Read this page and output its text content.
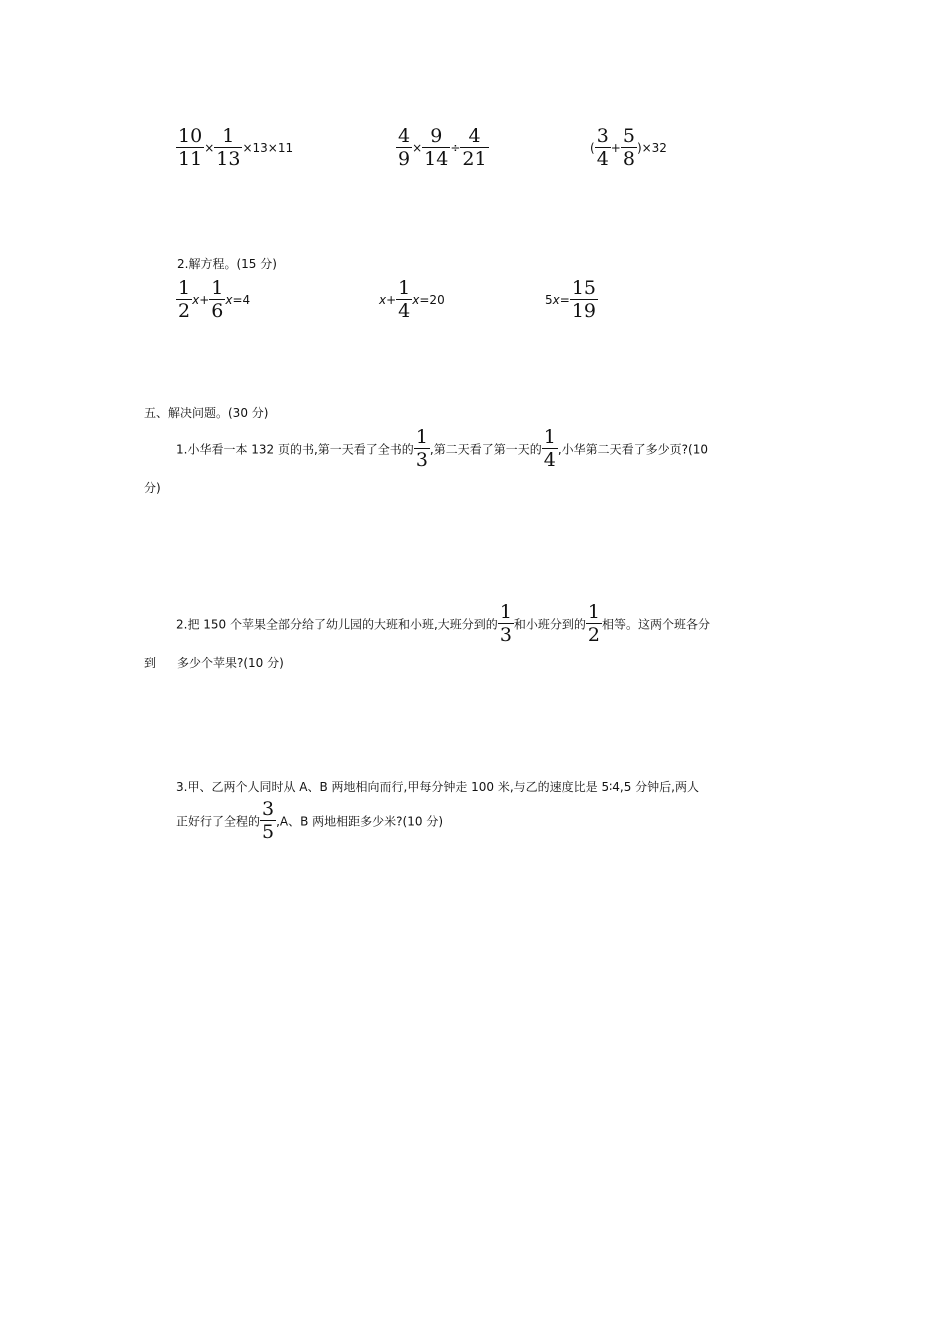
$\frac{10}{11} \times \frac{1}{13} \times 13\times 11$	$\frac{4}{9} \times \frac{9}{14} \div \frac{4}{21}$	( $\frac{3}{4} + \frac{5}{8} )\times 32$
2.解方程。(15 分)
$\frac{1}{2} x+ \frac{1}{6} x=4$	$x+ \frac{1}{4} x=20$	$5x= \frac{15}{19}$
五、解决问题。(30 分)
1.小华看一本 132 页的书,第一天看了全书的 $\frac{1}{3}$ ,第二天看了第一天的 $\frac{1}{4}$ ,小华第二天看了多少页?(10
分)
2.把 150 个苹果全部分给了幼儿园的大班和小班,大班分到的 $\frac{1}{3}$ 和小班分到的 $\frac{1}{2}$ 相等。这两个班各分
到 多少个苹果?(10 分)
3.甲、乙两个人同时从 A、B 两地相向而行,甲每分钟走 100 米,与乙的速度比是 5∶4,5 分钟后,两人
正好行了全程的 $\frac{3}{5} ,A$、B 两地相距多少米?(10 分)
